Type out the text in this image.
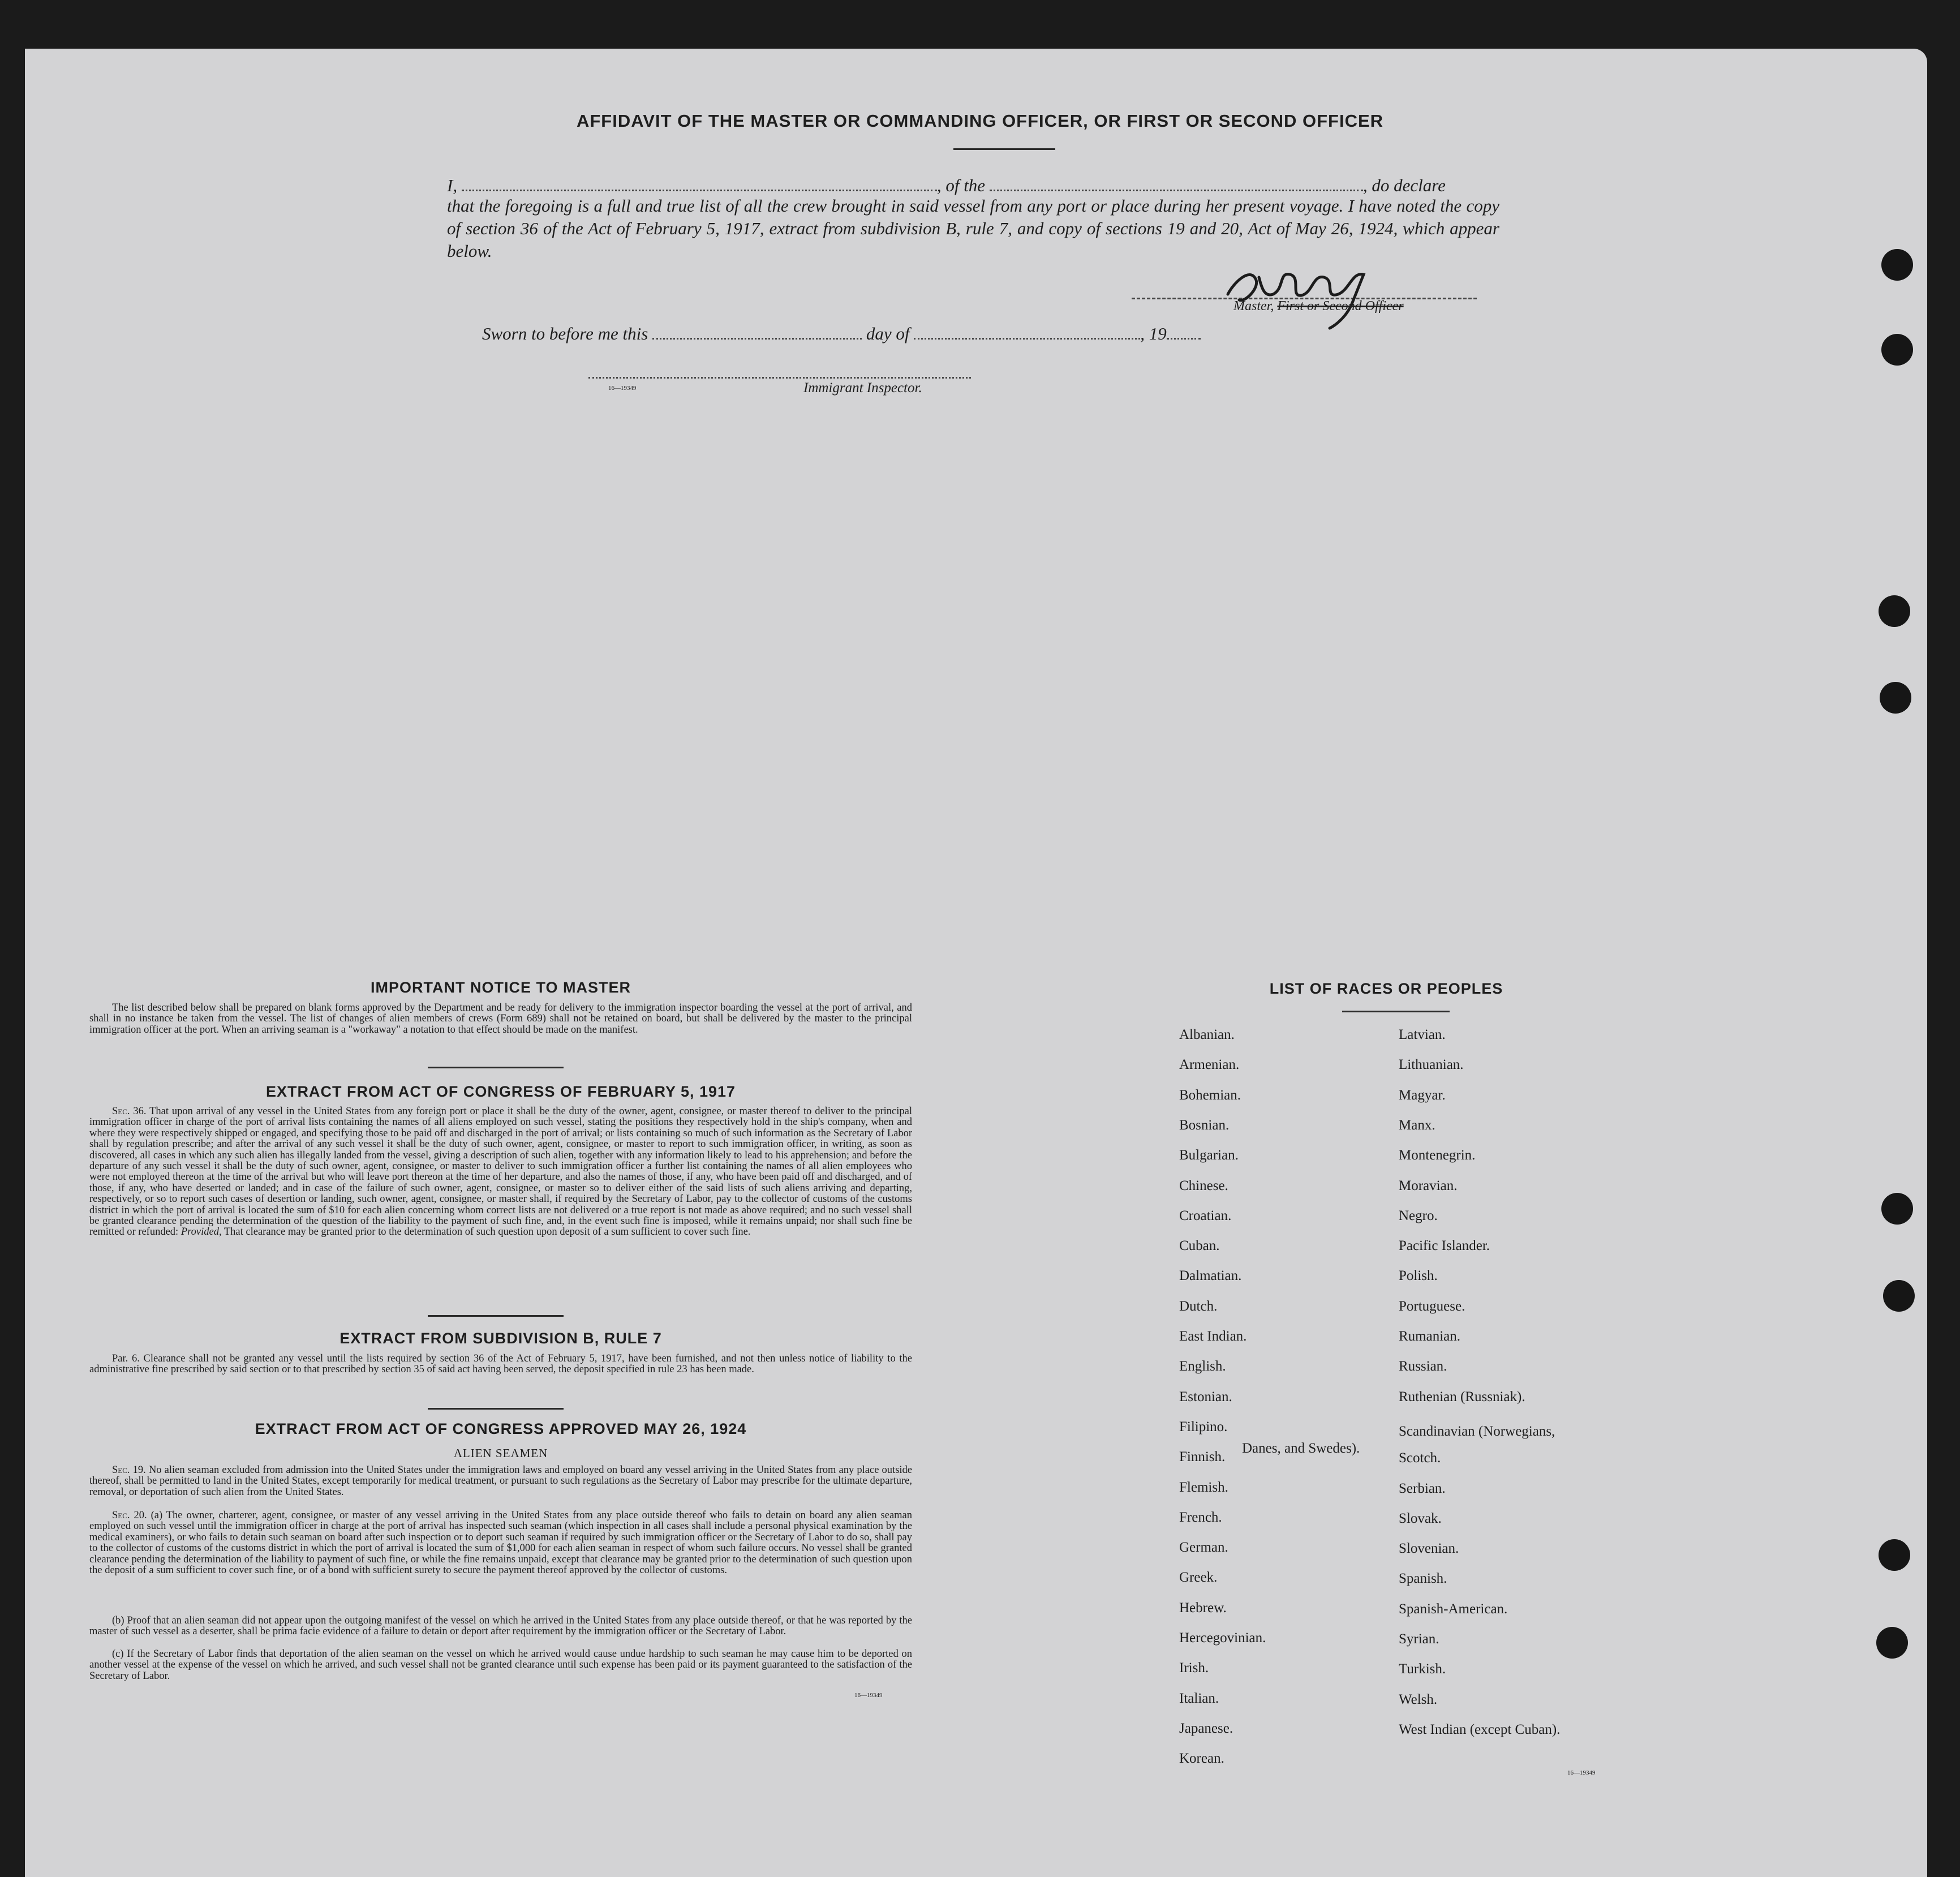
AFFIDAVIT OF THE MASTER OR COMMANDING OFFICER, OR FIRST OR SECOND OFFICER
I,	, of the	, do declare
that the foregoing is a full and true list of all the crew brought in said vessel from any port or place during her present voyage. I have noted the copy of section 36 of the Act of February 5, 1917, extract from subdivision B, rule 7, and copy of sections 19 and 20, Act of May 26, 1924, which appear below.
Master, First or Second Officer
Sworn to before me this	day of	, 19
16—19349	Immigrant Inspector.
IMPORTANT NOTICE TO MASTER
The list described below shall be prepared on blank forms approved by the Department and be ready for delivery to the immigration inspector boarding the vessel at the port of arrival, and shall in no instance be taken from the vessel. The list of changes of alien members of crews (Form 689) shall not be retained on board, but shall be delivered by the master to the principal immigration officer at the port. When an arriving seaman is a "workaway" a notation to that effect should be made on the manifest.
EXTRACT FROM ACT OF CONGRESS OF FEBRUARY 5, 1917
Sec. 36. That upon arrival of any vessel in the United States from any foreign port or place it shall be the duty of the owner, agent, consignee, or master thereof to deliver to the principal immigration officer in charge of the port of arrival lists containing the names of all aliens employed on such vessel, stating the positions they respectively hold in the ship's company, when and where they were respectively shipped or engaged, and specifying those to be paid off and discharged in the port of arrival; or lists containing so much of such information as the Secretary of Labor shall by regulation prescribe; and after the arrival of any such vessel it shall be the duty of such owner, agent, consignee, or master to report to such immigration officer, in writing, as soon as discovered, all cases in which any such alien has illegally landed from the vessel, giving a description of such alien, together with any information likely to lead to his apprehension; and before the departure of any such vessel it shall be the duty of such owner, agent, consignee, or master to deliver to such immigration officer a further list containing the names of all alien employees who were not employed thereon at the time of the arrival but who will leave port thereon at the time of her departure, and also the names of those, if any, who have been paid off and discharged, and of those, if any, who have deserted or landed; and in case of the failure of such owner, agent, consignee, or master so to deliver either of the said lists of such aliens arriving and departing, respectively, or so to report such cases of desertion or landing, such owner, agent, consignee, or master shall, if required by the Secretary of Labor, pay to the collector of customs of the customs district in which the port of arrival is located the sum of $10 for each alien concerning whom correct lists are not delivered or a true report is not made as above required; and no such vessel shall be granted clearance pending the determination of the question of the liability to the payment of such fine, and, in the event such fine is imposed, while it remains unpaid; nor shall such fine be remitted or refunded: Provided, That clearance may be granted prior to the determination of such question upon deposit of a sum sufficient to cover such fine.
EXTRACT FROM SUBDIVISION B, RULE 7
Par. 6. Clearance shall not be granted any vessel until the lists required by section 36 of the Act of February 5, 1917, have been furnished, and not then unless notice of liability to the administrative fine prescribed by said section or to that prescribed by section 35 of said act having been served, the deposit specified in rule 23 has been made.
EXTRACT FROM ACT OF CONGRESS APPROVED MAY 26, 1924
ALIEN SEAMEN
Sec. 19. No alien seaman excluded from admission into the United States under the immigration laws and employed on board any vessel arriving in the United States from any place outside thereof, shall be permitted to land in the United States, except temporarily for medical treatment, or pursuant to such regulations as the Secretary of Labor may prescribe for the ultimate departure, removal, or deportation of such alien from the United States.
Sec. 20. (a) The owner, charterer, agent, consignee, or master of any vessel arriving in the United States from any place outside thereof who fails to detain on board any alien seaman employed on such vessel until the immigration officer in charge at the port of arrival has inspected such seaman (which inspection in all cases shall include a personal physical examination by the medical examiners), or who fails to detain such seaman on board after such inspection or to deport such seaman if required by such immigration officer or the Secretary of Labor to do so, shall pay to the collector of customs of the customs district in which the port of arrival is located the sum of $1,000 for each alien seaman in respect of whom such failure occurs. No vessel shall be granted clearance pending the determination of the liability to payment of such fine, or while the fine remains unpaid, except that clearance may be granted prior to the determination of such question upon the deposit of a sum sufficient to cover such fine, or of a bond with sufficient surety to secure the payment thereof approved by the collector of customs.
(b) Proof that an alien seaman did not appear upon the outgoing manifest of the vessel on which he arrived in the United States from any place outside thereof, or that he was reported by the master of such vessel as a deserter, shall be prima facie evidence of a failure to detain or deport after requirement by the immigration officer or the Secretary of Labor.
(c) If the Secretary of Labor finds that deportation of the alien seaman on the vessel on which he arrived would cause undue hardship to such seaman he may cause him to be deported on another vessel at the expense of the vessel on which he arrived, and such vessel shall not be granted clearance until such expense has been paid or its payment guaranteed to the satisfaction of the Secretary of Labor.
16—19349
LIST OF RACES OR PEOPLES
Albanian.
Armenian.
Bohemian.
Bosnian.
Bulgarian.
Chinese.
Croatian.
Cuban.
Dalmatian.
Dutch.
East Indian.
English.
Estonian.
Filipino.
Finnish.
Flemish.
French.
German.
Greek.
Hebrew.
Hercegovinian.
Irish.
Italian.
Japanese.
Korean.
Latvian.
Lithuanian.
Magyar.
Manx.
Montenegrin.
Moravian.
Negro.
Pacific Islander.
Polish.
Portuguese.
Rumanian.
Russian.
Ruthenian (Russniak).
Scandinavian (Norwegians,
Danes, and Swedes).
Scotch.
Serbian.
Slovak.
Slovenian.
Spanish.
Spanish-American.
Syrian.
Turkish.
Welsh.
West Indian (except Cuban).
16—19349
